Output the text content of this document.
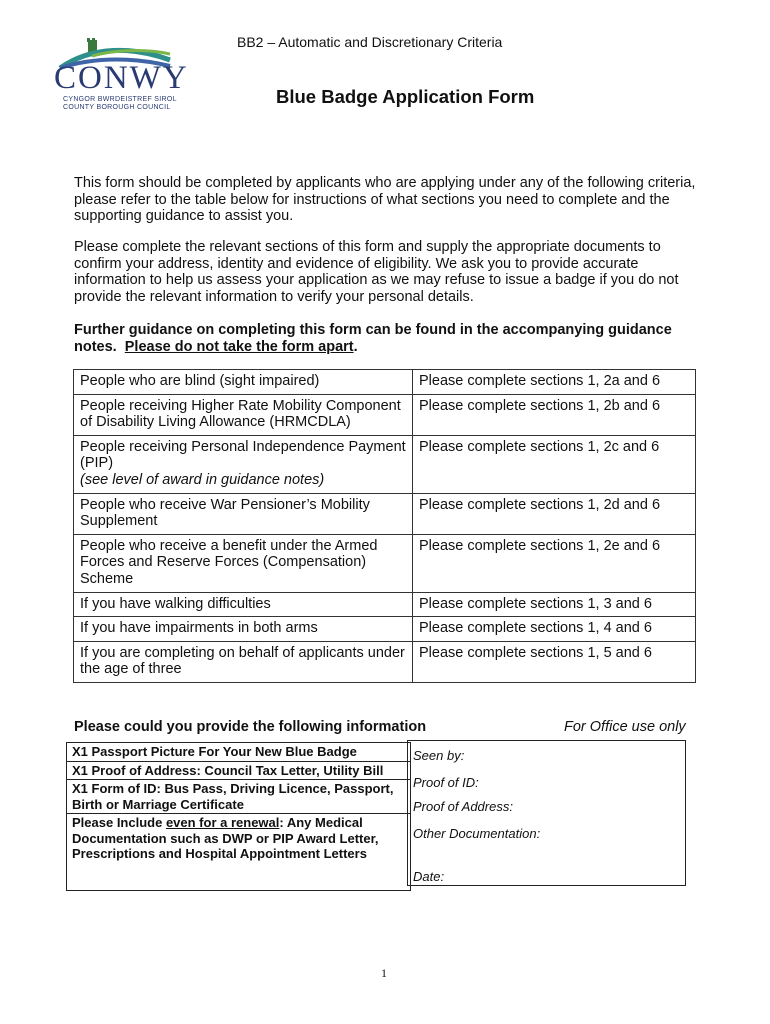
BB2 – Automatic and Discretionary Criteria
CONWY
CYNGOR BWRDEISTREF SIROL
COUNTY BOROUGH COUNCIL
Blue Badge Application Form
This form should be completed by applicants who are applying under any of the following criteria, please refer to the table below for instructions of what sections you need to complete and the supporting guidance to assist you.
Please complete the relevant sections of this form and supply the appropriate documents to confirm your address, identity and evidence of eligibility. We ask you to provide accurate information to help us assess your application as we may refuse to issue a badge if you do not provide the relevant information to verify your personal details.
Further guidance on completing this form can be found in the accompanying guidance notes. Please do not take the form apart.
People who are blind (sight impaired)	Please complete sections 1, 2a and 6
People receiving Higher Rate Mobility Component of Disability Living Allowance (HRMCDLA)	Please complete sections 1, 2b and 6
People receiving Personal Independence Payment (PIP)
(see level of award in guidance notes)	Please complete sections 1, 2c and 6
People who receive War Pensioner’s Mobility Supplement	Please complete sections 1, 2d and 6
People who receive a benefit under the Armed Forces and Reserve Forces (Compensation) Scheme	Please complete sections 1, 2e and 6
If you have walking difficulties	Please complete sections 1, 3 and 6
If you have impairments in both arms	Please complete sections 1, 4 and 6
If you are completing on behalf of applicants under the age of three	Please complete sections 1, 5 and 6
Please could you provide the following information	For Office use only
X1 Passport Picture For Your New Blue Badge
X1 Proof of Address: Council Tax Letter, Utility Bill
X1 Form of ID: Bus Pass, Driving Licence, Passport, Birth or Marriage Certificate
Please Include even for a renewal: Any Medical Documentation such as DWP or PIP Award Letter, Prescriptions and Hospital Appointment Letters
Seen by:
Proof of ID:
Proof of Address:
Other Documentation:
Date:
1
